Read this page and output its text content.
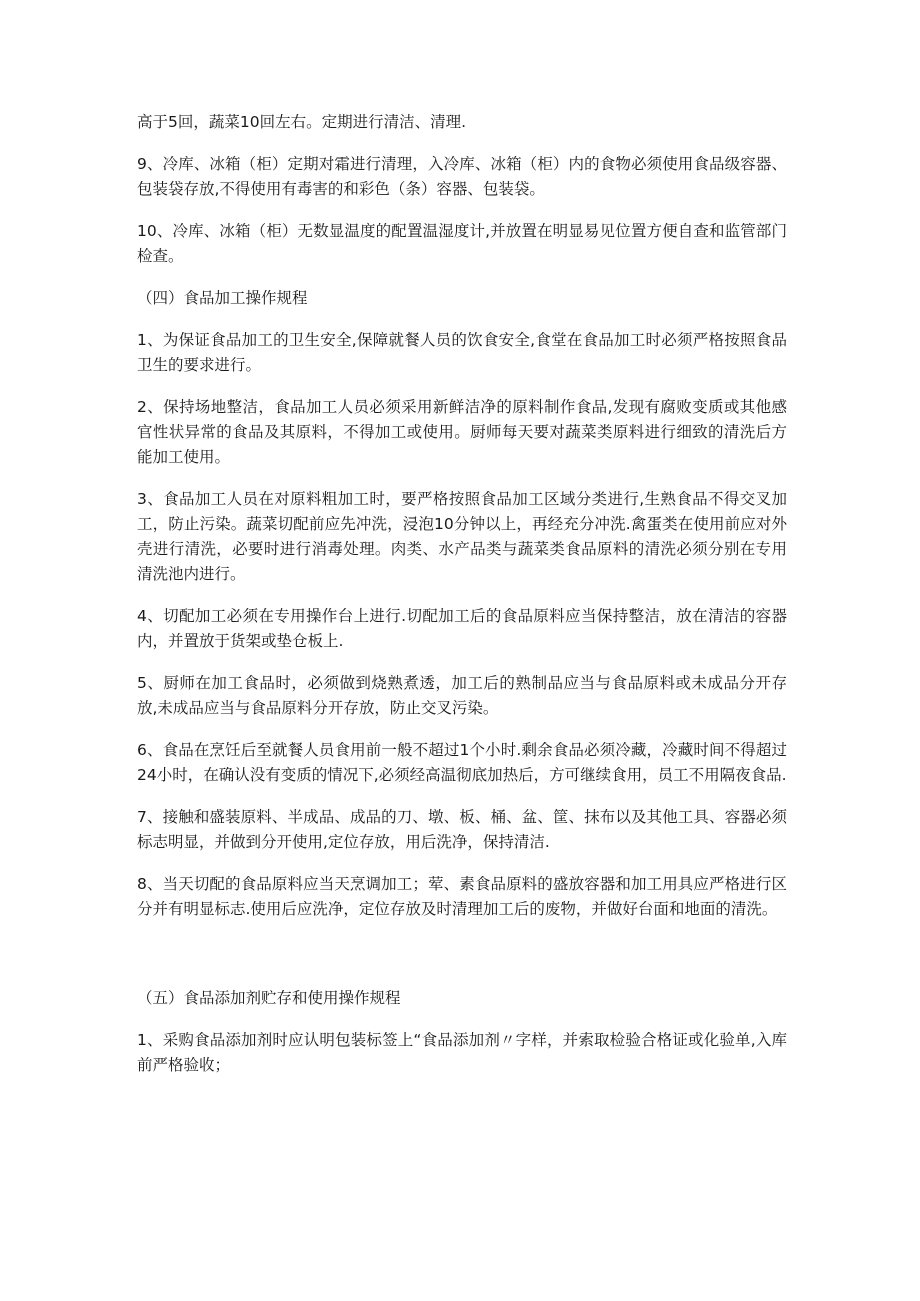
高于5回，蔬菜10回左右。定期进行清洁、清理.

9、冷库、冰箱（柜）定期对霜进行清理，入冷库、冰箱（柜）内的食物必须使用食品级容器、包装袋存放,不得使用有毒害的和彩色（条）容器、包装袋。

10、冷库、冰箱（柜）无数显温度的配置温湿度计,并放置在明显易见位置方便自查和监管部门检查。

（四）食品加工操作规程

1、为保证食品加工的卫生安全,保障就餐人员的饮食安全,食堂在食品加工时必须严格按照食品卫生的要求进行。

2、保持场地整洁，食品加工人员必须采用新鲜洁净的原料制作食品,发现有腐败变质或其他感官性状异常的食品及其原料，不得加工或使用。厨师每天要对蔬菜类原料进行细致的清洗后方能加工使用。

3、食品加工人员在对原料粗加工时，要严格按照食品加工区域分类进行,生熟食品不得交叉加工，防止污染。蔬菜切配前应先冲洗，浸泡10分钟以上，再经充分冲洗.禽蛋类在使用前应对外壳进行清洗，必要时进行消毒处理。肉类、水产品类与蔬菜类食品原料的清洗必须分别在专用清洗池内进行。

4、切配加工必须在专用操作台上进行.切配加工后的食品原料应当保持整洁，放在清洁的容器内，并置放于货架或垫仓板上.

5、厨师在加工食品时，必须做到烧熟煮透，加工后的熟制品应当与食品原料或未成品分开存放,未成品应当与食品原料分开存放，防止交叉污染。

6、食品在烹饪后至就餐人员食用前一般不超过1个小时.剩余食品必须冷藏，冷藏时间不得超过24小时，在确认没有变质的情况下,必须经高温彻底加热后，方可继续食用，员工不用隔夜食品.

7、接触和盛装原料、半成品、成品的刀、墩、板、桶、盆、筐、抹布以及其他工具、容器必须标志明显，并做到分开使用,定位存放，用后洗净，保持清洁.

8、当天切配的食品原料应当天烹调加工；荤、素食品原料的盛放容器和加工用具应严格进行区分并有明显标志.使用后应洗净，定位存放及时清理加工后的废物，并做好台面和地面的清洗。

（五）食品添加剂贮存和使用操作规程

1、采购食品添加剂时应认明包装标签上“食品添加剂〃字样，并索取检验合格证或化验单,入库前严格验收；
